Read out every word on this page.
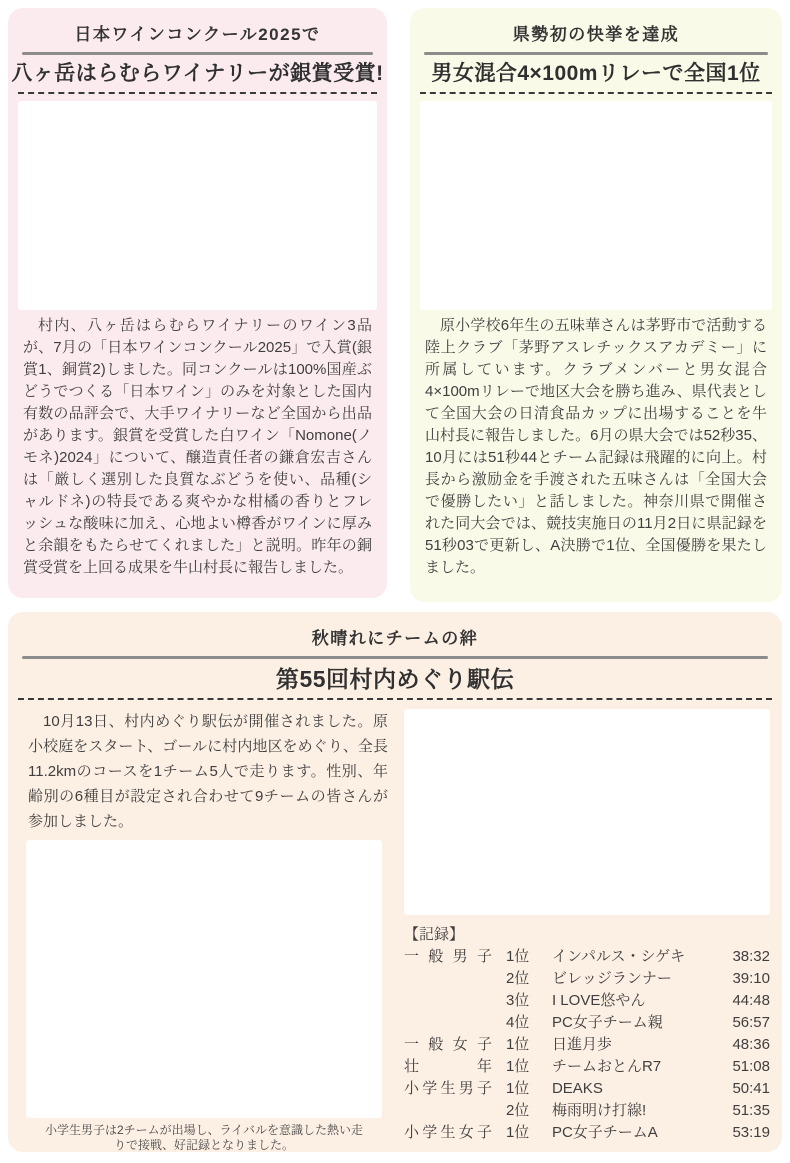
日本ワインコンクール2025で
八ヶ岳はらむらワイナリーが銀賞受賞!

村内、八ヶ岳はらむらワイナリーのワイン3品が、7月の「日本ワインコンクール2025」で入賞(銀賞1、銅賞2)しました。同コンクールは100%国産ぶどうでつくる「日本ワイン」のみを対象とした国内有数の品評会で、大手ワイナリーなど全国から出品があります。銀賞を受賞した白ワイン「Nomone(ノモネ)2024」について、醸造責任者の鎌倉宏吉さんは「厳しく選別した良質なぶどうを使い、品種(シャルドネ)の特長である爽やかな柑橘の香りとフレッシュな酸味に加え、心地よい樽香がワインに厚みと余韻をもたらせてくれました」と説明。昨年の銅賞受賞を上回る成果を牛山村長に報告しました。

県勢初の快挙を達成
男女混合4×100mリレーで全国1位

原小学校6年生の五味華さんは茅野市で活動する陸上クラブ「茅野アスレチックスアカデミー」に所属しています。クラブメンバーと男女混合4×100mリレーで地区大会を勝ち進み、県代表として全国大会の日清食品カップに出場することを牛山村長に報告しました。6月の県大会では52秒35、10月には51秒44とチーム記録は飛躍的に向上。村長から激励金を手渡された五味さんは「全国大会で優勝したい」と話しました。神奈川県で開催された同大会では、競技実施日の11月2日に県記録を51秒03で更新し、A決勝で1位、全国優勝を果たしました。

秋晴れにチームの絆
第55回村内めぐり駅伝

10月13日、村内めぐり駅伝が開催されました。原小校庭をスタート、ゴールに村内地区をめぐり、全長11.2kmのコースを1チーム5人で走ります。性別、年齢別の6種目が設定され合わせて9チームの皆さんが参加しました。

小学生男子は2チームが出場し、ライバルを意識した熱い走りで接戦、好記録となりました。
【記録】
一般男子 1位	インパルス・シゲキ	38:32
2位	ビレッジランナー	39:10
3位	I LOVE悠やん	44:48
4位	PC女子チーム親	56:57
一般女子 1位	日進月歩	48:36
壮年 1位	チームおとんR7	51:08
小学生男子 1位	DEAKS	50:41
2位	梅雨明け打線!	51:35
小学生女子 1位	PC女子チームA	53:19
